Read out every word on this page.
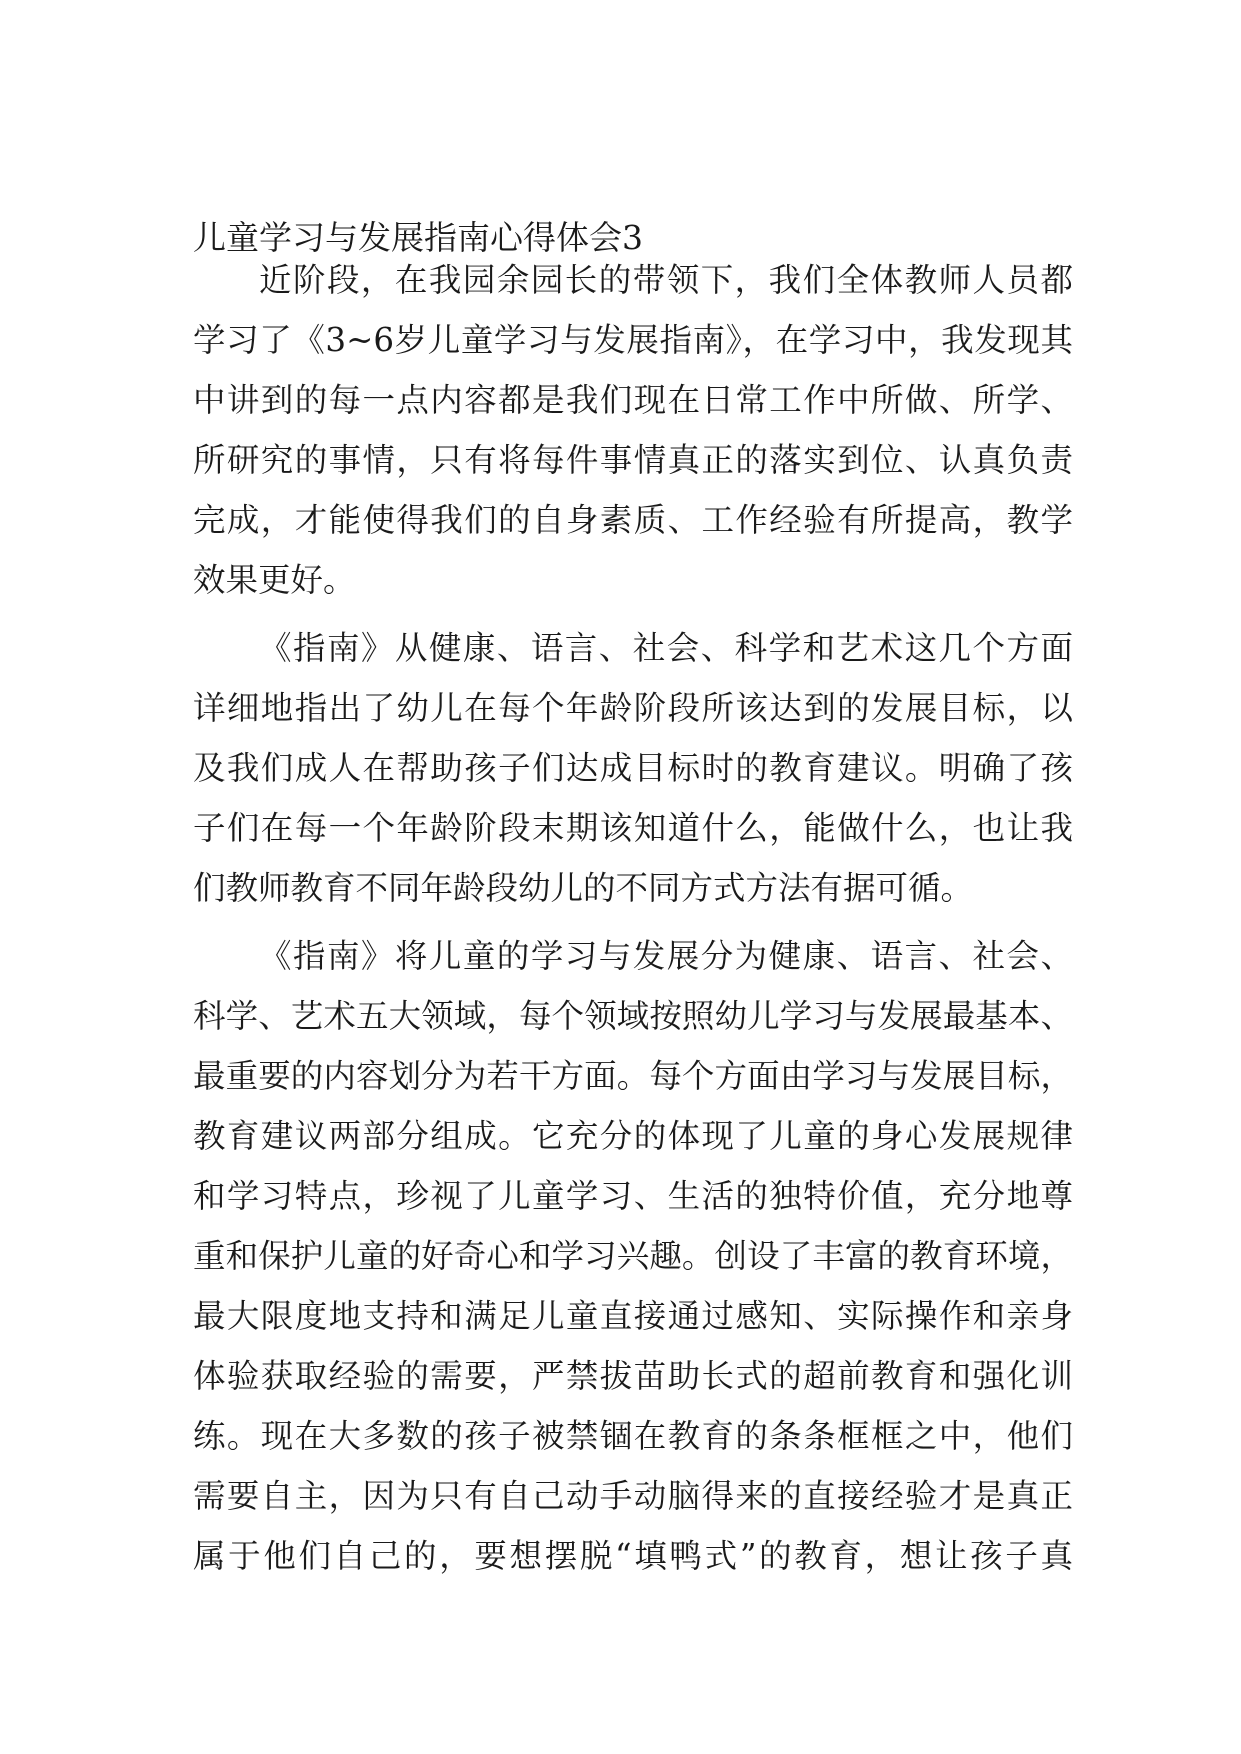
儿童学习与发展指南心得体会3
近阶段，在我园余园长的带领下，我们全体教师人员都
学习了《3~6岁儿童学习与发展指南》，在学习中，我发现其
中讲到的每一点内容都是我们现在日常工作中所做、所学、
所研究的事情，只有将每件事情真正的落实到位、认真负责
完成，才能使得我们的自身素质、工作经验有所提高，教学
效果更好。
《指南》从健康、语言、社会、科学和艺术这几个方面
详细地指出了幼儿在每个年龄阶段所该达到的发展目标，以
及我们成人在帮助孩子们达成目标时的教育建议。明确了孩
子们在每一个年龄阶段末期该知道什么，能做什么，也让我
们教师教育不同年龄段幼儿的不同方式方法有据可循。
《指南》将儿童的学习与发展分为健康、语言、社会、
科学、艺术五大领域，每个领域按照幼儿学习与发展最基本、
最重要的内容划分为若干方面。每个方面由学习与发展目标，
教育建议两部分组成。它充分的体现了儿童的身心发展规律
和学习特点，珍视了儿童学习、生活的独特价值，充分地尊
重和保护儿童的好奇心和学习兴趣。创设了丰富的教育环境，
最大限度地支持和满足儿童直接通过感知、实际操作和亲身
体验获取经验的需要，严禁拔苗助长式的超前教育和强化训
练。现在大多数的孩子被禁锢在教育的条条框框之中，他们
需要自主，因为只有自己动手动脑得来的直接经验才是真正
属于他们自己的，要想摆脱“填鸭式”的教育，想让孩子真
